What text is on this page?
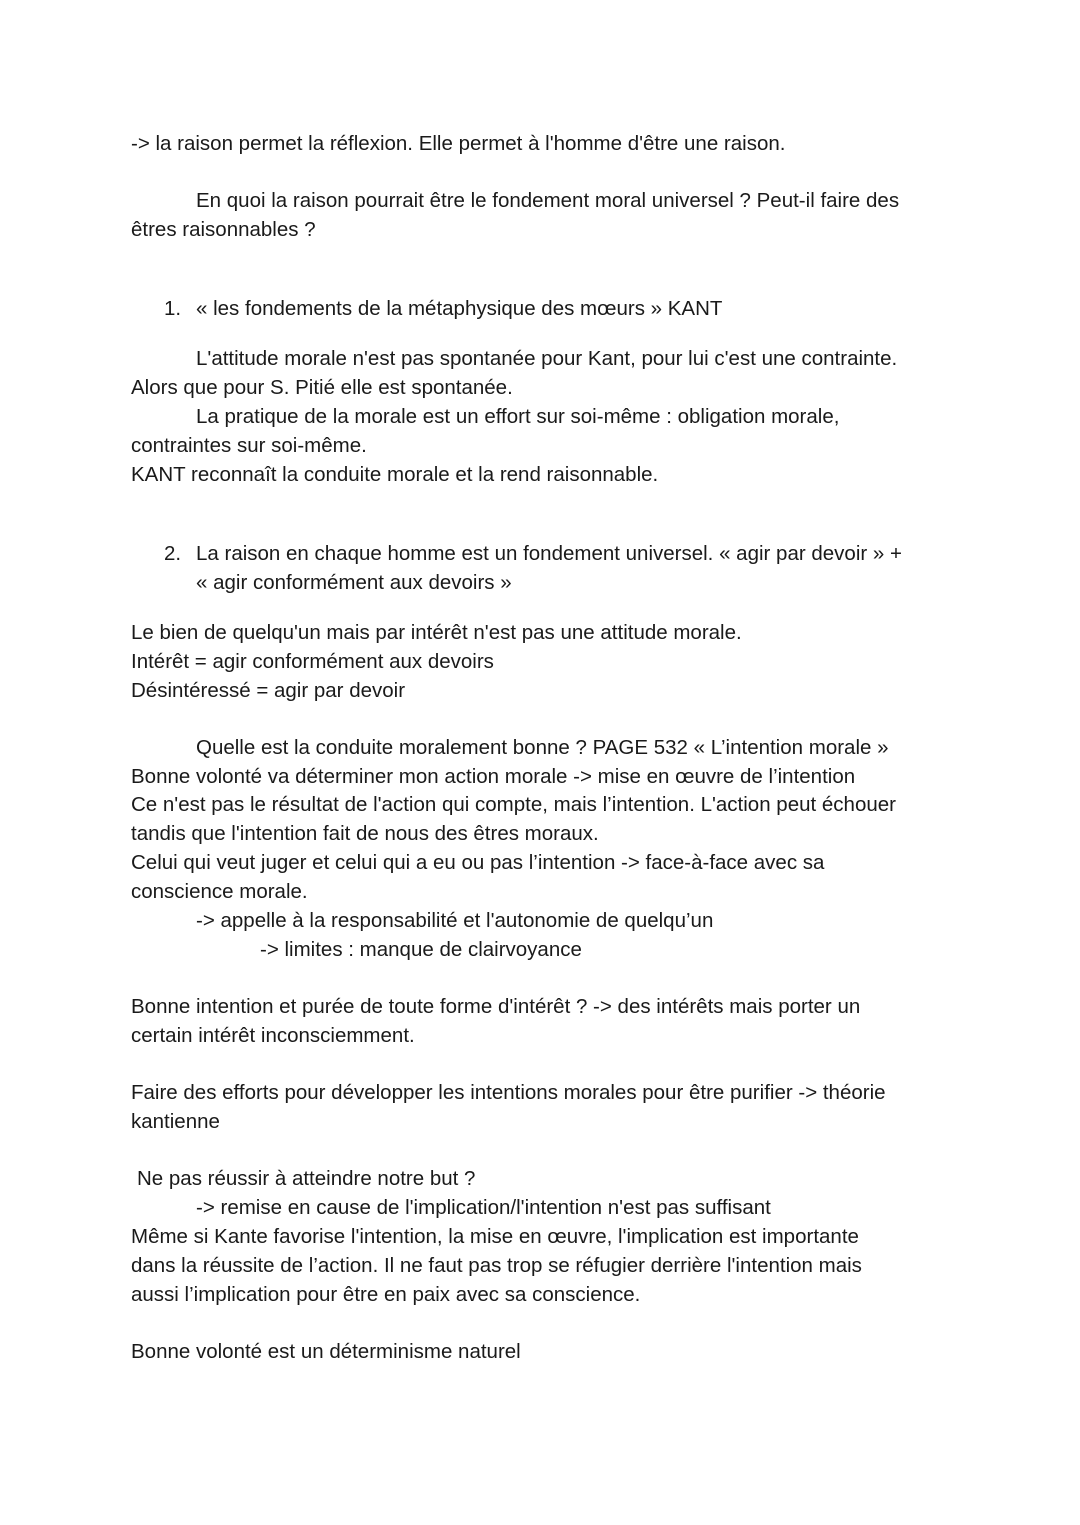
-> la raison permet la réflexion. Elle permet à l'homme d'être une raison.
En quoi la raison pourrait être le fondement moral universel ? Peut-il faire des
êtres raisonnables ?
1. « les fondements de la métaphysique des mœurs » KANT
L'attitude morale n'est pas spontanée pour Kant, pour lui c'est une contrainte.
Alors que pour S. Pitié elle est spontanée.
La pratique de la morale est un effort sur soi-même : obligation morale,
contraintes sur soi-même.
KANT reconnaît la conduite morale et la rend raisonnable.
2. La raison en chaque homme est un fondement universel. « agir par devoir » +
« agir conformément aux devoirs »
Le bien de quelqu'un mais par intérêt n'est pas une attitude morale.
Intérêt = agir conformément aux devoirs
Désintéressé = agir par devoir
Quelle est la conduite moralement bonne ? PAGE 532 « L’intention morale »
Bonne volonté va déterminer mon action morale -> mise en œuvre de l’intention
Ce n'est pas le résultat de l'action qui compte, mais l’intention. L'action peut échouer
tandis que l'intention fait de nous des êtres moraux.
Celui qui veut juger et celui qui a eu ou pas l’intention -> face-à-face avec sa
conscience morale.
-> appelle à la responsabilité et l'autonomie de quelqu’un
-> limites : manque de clairvoyance
Bonne intention et purée de toute forme d'intérêt ? -> des intérêts mais porter un
certain intérêt inconsciemment.
Faire des efforts pour développer les intentions morales pour être purifier -> théorie
kantienne
Ne pas réussir à atteindre notre but ?
-> remise en cause de l'implication/l'intention n'est pas suffisant
Même si Kante favorise l'intention, la mise en œuvre, l'implication est importante
dans la réussite de l’action. Il ne faut pas trop se réfugier derrière l'intention mais
aussi l’implication pour être en paix avec sa conscience.
Bonne volonté est un déterminisme naturel
